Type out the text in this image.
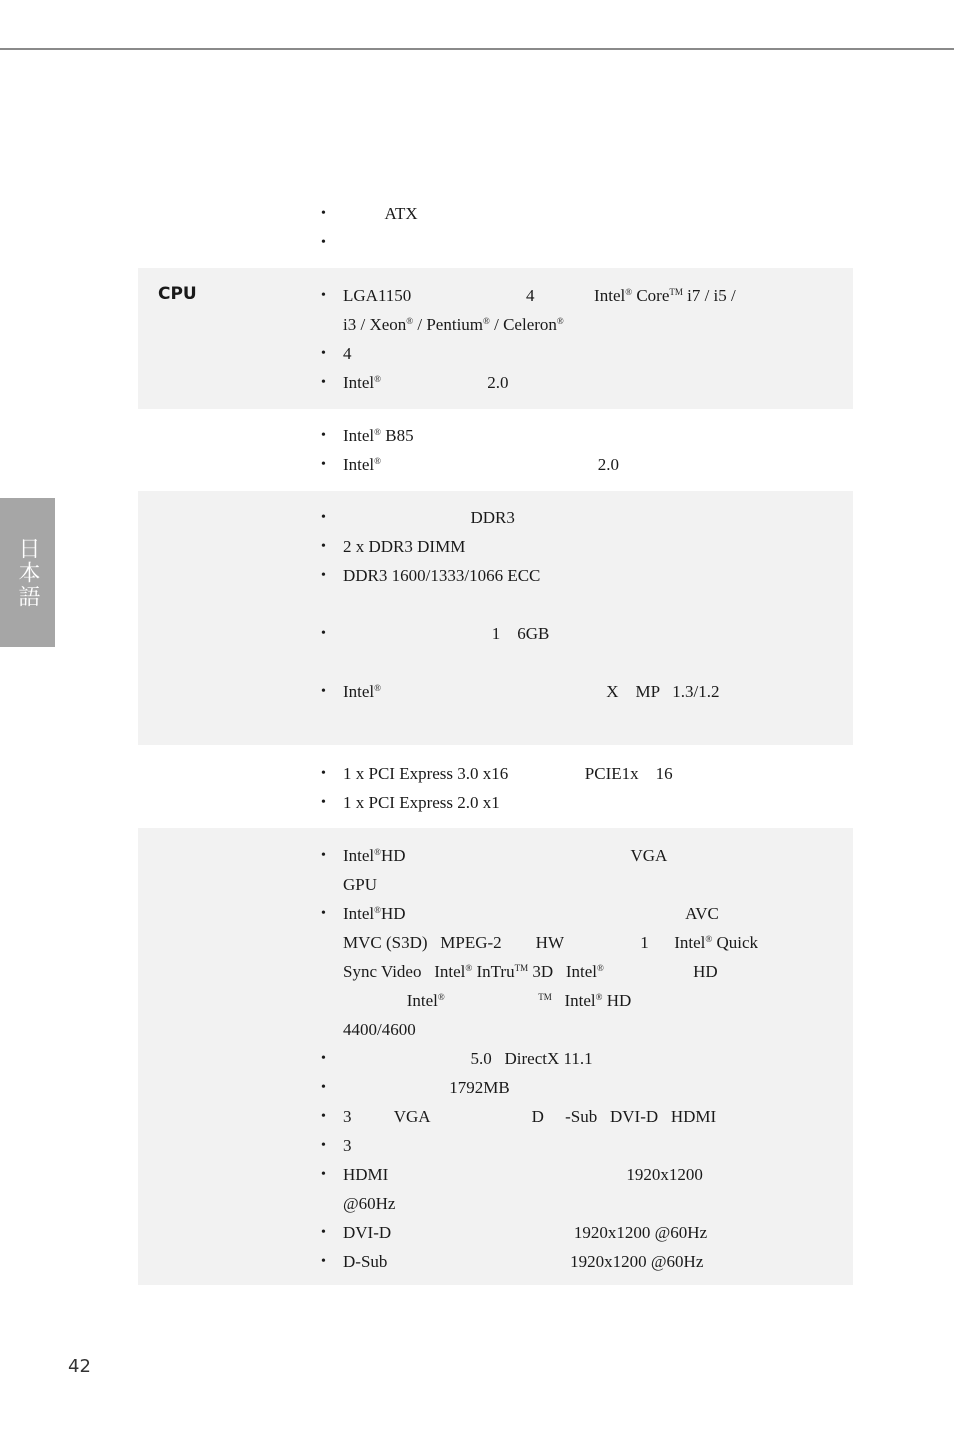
日本語
• ATX
•
CPU	• LGA1150                           4              Intel® Core™ i7 / i5 /
i3 / Xeon® / Pentium® / Celeron®
• 4
• Intel®                         2.0
• Intel® B85
• Intel®                                                   2.0
• DDR3
• 2 x DDR3 DIMM
• DDR3 1600/1333/1066 ECC
• 1    6GB
• Intel®                                                     X    MP   1.3/1.2
• 1 x PCI Express 3.0 x16                  PCIE1x    16
• 1 x PCI Express 2.0 x1
• Intel®HD                                                     VGA
GPU
• Intel®HD                                                                  AVC
MVC (S3D)   MPEG-2        HW                  1      Intel® Quick
Sync Video   Intel® InTru™ 3D   Intel®                     HD
Intel®	™   Intel® HD
4400/4600
• 5.0   DirectX 11.1
• 1792MB
• 3          VGA                        D     -Sub   DVI-D   HDMI
• 3
• HDMI                                                        1920x1200
@60Hz
• DVI-D                                           1920x1200 @60Hz
• D-Sub                                           1920x1200 @60Hz
42
